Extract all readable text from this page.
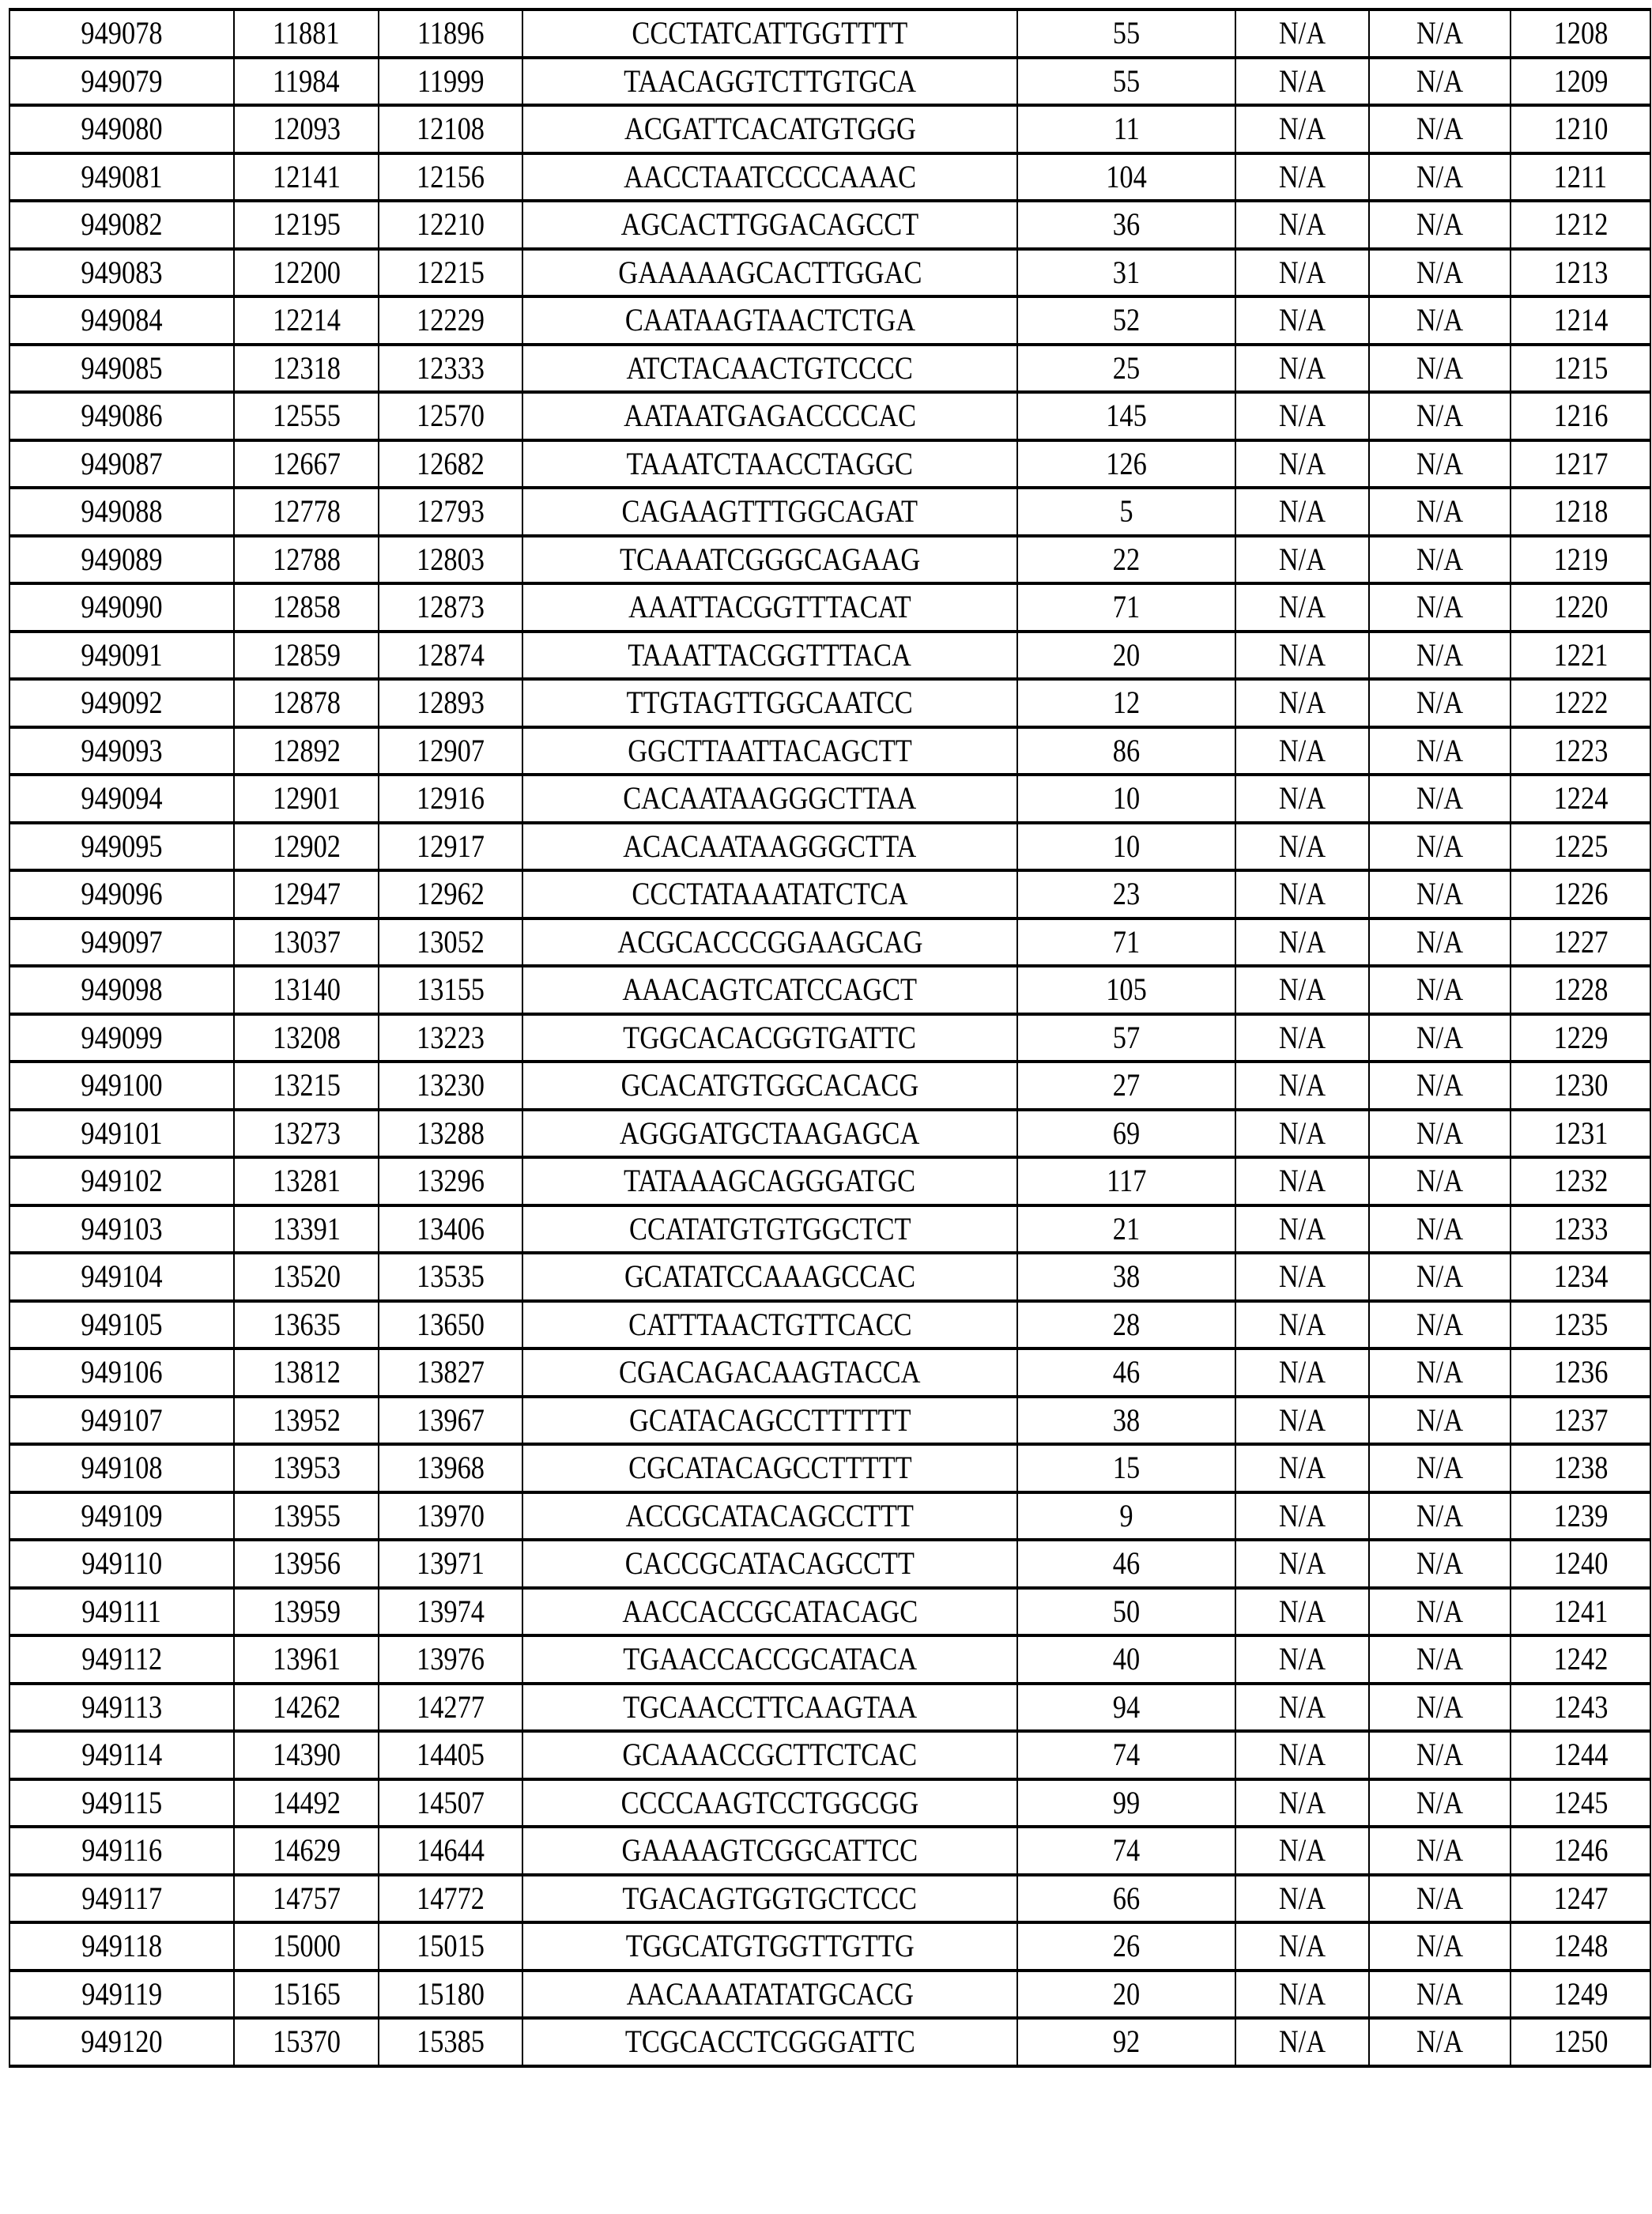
949078	11881	11896	CCCTATCATTGGTTTT	55	N/A	N/A	1208
949079	11984	11999	TAACAGGTCTTGTGCA	55	N/A	N/A	1209
949080	12093	12108	ACGATTCACATGTGGG	11	N/A	N/A	1210
949081	12141	12156	AACCTAATCCCCAAAC	104	N/A	N/A	1211
949082	12195	12210	AGCACTTGGACAGCCT	36	N/A	N/A	1212
949083	12200	12215	GAAAAAGCACTTGGAC	31	N/A	N/A	1213
949084	12214	12229	CAATAAGTAACTCTGA	52	N/A	N/A	1214
949085	12318	12333	ATCTACAACTGTCCCC	25	N/A	N/A	1215
949086	12555	12570	AATAATGAGACCCCAC	145	N/A	N/A	1216
949087	12667	12682	TAAATCTAACCTAGGC	126	N/A	N/A	1217
949088	12778	12793	CAGAAGTTTGGCAGAT	5	N/A	N/A	1218
949089	12788	12803	TCAAATCGGGCAGAAG	22	N/A	N/A	1219
949090	12858	12873	AAATTACGGTTTACAT	71	N/A	N/A	1220
949091	12859	12874	TAAATTACGGTTTACA	20	N/A	N/A	1221
949092	12878	12893	TTGTAGTTGGCAATCC	12	N/A	N/A	1222
949093	12892	12907	GGCTTAATTACAGCTT	86	N/A	N/A	1223
949094	12901	12916	CACAATAAGGGCTTAA	10	N/A	N/A	1224
949095	12902	12917	ACACAATAAGGGCTTA	10	N/A	N/A	1225
949096	12947	12962	CCCTATAAATATCTCA	23	N/A	N/A	1226
949097	13037	13052	ACGCACCCGGAAGCAG	71	N/A	N/A	1227
949098	13140	13155	AAACAGTCATCCAGCT	105	N/A	N/A	1228
949099	13208	13223	TGGCACACGGTGATTC	57	N/A	N/A	1229
949100	13215	13230	GCACATGTGGCACACG	27	N/A	N/A	1230
949101	13273	13288	AGGGATGCTAAGAGCA	69	N/A	N/A	1231
949102	13281	13296	TATAAAGCAGGGATGC	117	N/A	N/A	1232
949103	13391	13406	CCATATGTGTGGCTCT	21	N/A	N/A	1233
949104	13520	13535	GCATATCCAAAGCCAC	38	N/A	N/A	1234
949105	13635	13650	CATTTAACTGTTCACC	28	N/A	N/A	1235
949106	13812	13827	CGACAGACAAGTACCA	46	N/A	N/A	1236
949107	13952	13967	GCATACAGCCTTTTTT	38	N/A	N/A	1237
949108	13953	13968	CGCATACAGCCTTTTT	15	N/A	N/A	1238
949109	13955	13970	ACCGCATACAGCCTTT	9	N/A	N/A	1239
949110	13956	13971	CACCGCATACAGCCTT	46	N/A	N/A	1240
949111	13959	13974	AACCACCGCATACAGC	50	N/A	N/A	1241
949112	13961	13976	TGAACCACCGCATACA	40	N/A	N/A	1242
949113	14262	14277	TGCAACCTTCAAGTAA	94	N/A	N/A	1243
949114	14390	14405	GCAAACCGCTTCTCAC	74	N/A	N/A	1244
949115	14492	14507	CCCCAAGTCCTGGCGG	99	N/A	N/A	1245
949116	14629	14644	GAAAAGTCGGCATTCC	74	N/A	N/A	1246
949117	14757	14772	TGACAGTGGTGCTCCC	66	N/A	N/A	1247
949118	15000	15015	TGGCATGTGGTTGTTG	26	N/A	N/A	1248
949119	15165	15180	AACAAATATATGCACG	20	N/A	N/A	1249
949120	15370	15385	TCGCACCTCGGGATTC	92	N/A	N/A	1250
